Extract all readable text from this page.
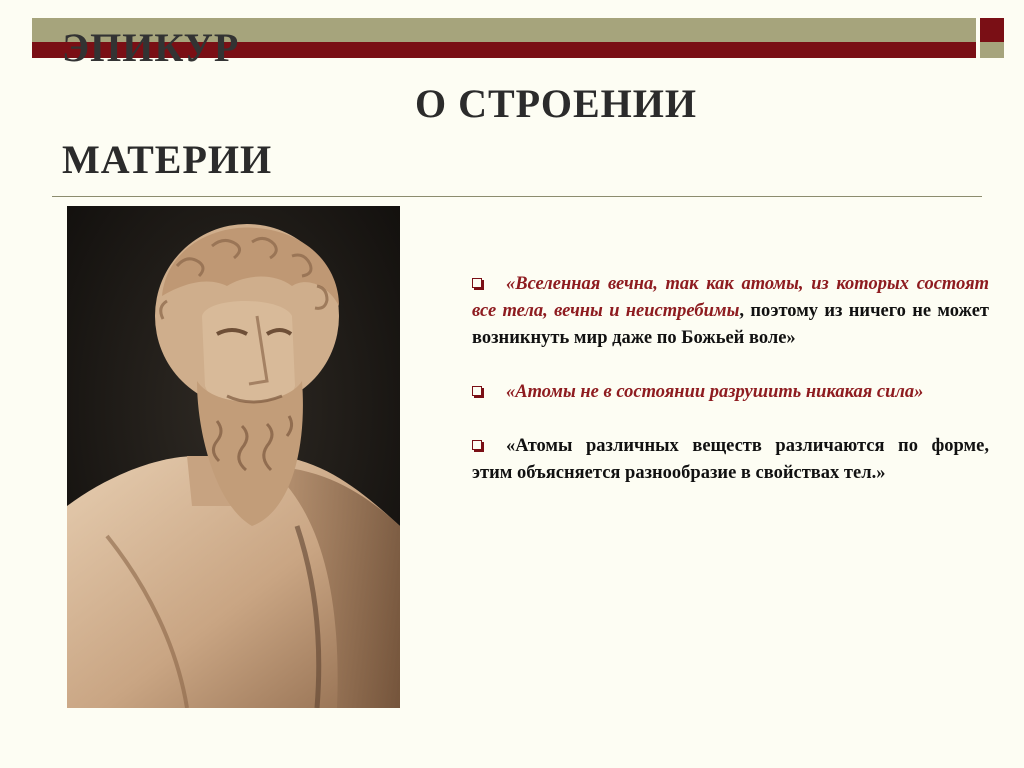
ЭПИКУР
О СТРОЕНИИ
МАТЕРИИ
«Вселенная вечна, так как атомы, из которых состоят все тела, вечны и неистребимы, поэтому из ничего не может возникнуть мир даже по Божьей воле»
«Атомы не в состоянии разрушить никакая сила»
«Атомы различных веществ различаются по форме, этим объясняется разнообразие в свойствах тел.»
